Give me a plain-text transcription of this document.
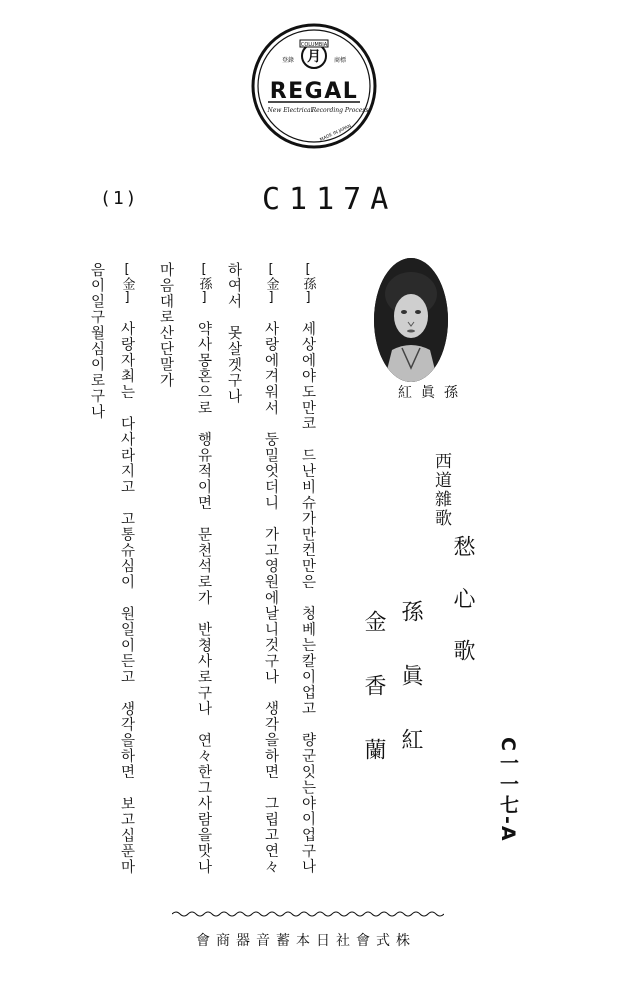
月
COLUMBIA
登錄	商標
REGAL
New Electrical Recording Process
MADE IN JAPAN
(1)	C117A
[孫]세상에야도만코드난비슈가만컨만은청베는칼이업고량군잇는야이업구나
[金]사랑에겨워서둥밀엇더니가고영원에날니것구나생각을하면그립고연々
하여서못살겟구나
[孫]약사몽혼으로행유적이면문천석로가반쳥사로구나연々한그사람을맛나
마음대로산단말가
[金]사랑자최는다사라지고고통슈심이원일이든고생각을하면보고십푼마
음이일구월심이로구나	孫眞紅
西道雜歌
愁心歌
孫眞紅
金香蘭	C一一七-A
株式會社日本蓄音器商會
